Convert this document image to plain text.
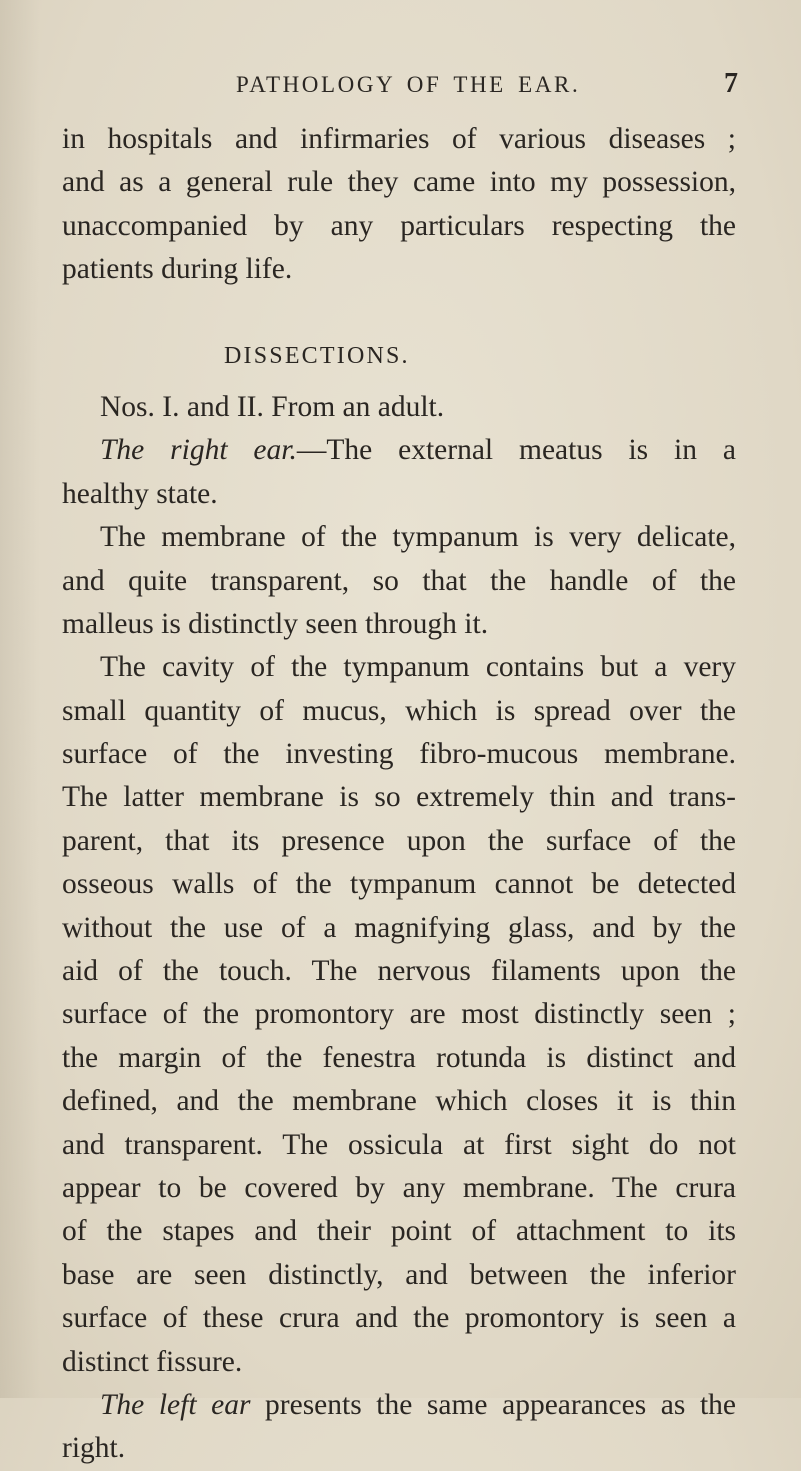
PATHOLOGY OF THE EAR.	7
in hospitals and infirmaries of various diseases ;
and as a general rule they came into my possession,
unaccompanied by any particulars respecting the
patients during life.
DISSECTIONS.
Nos. I. and II. From an adult.
The right ear.—The external meatus is in a
healthy state.
The membrane of the tympanum is very delicate,
and quite transparent, so that the handle of the
malleus is distinctly seen through it.
The cavity of the tympanum contains but a very
small quantity of mucus, which is spread over the
surface of the investing fibro-mucous membrane.
The latter membrane is so extremely thin and trans-
parent, that its presence upon the surface of the
osseous walls of the tympanum cannot be detected
without the use of a magnifying glass, and by the
aid of the touch. The nervous filaments upon the
surface of the promontory are most distinctly seen ;
the margin of the fenestra rotunda is distinct and
defined, and the membrane which closes it is thin
and transparent. The ossicula at first sight do not
appear to be covered by any membrane. The crura
of the stapes and their point of attachment to its
base are seen distinctly, and between the inferior
surface of these crura and the promontory is seen a
distinct fissure.
The left ear presents the same appearances as the
right.
